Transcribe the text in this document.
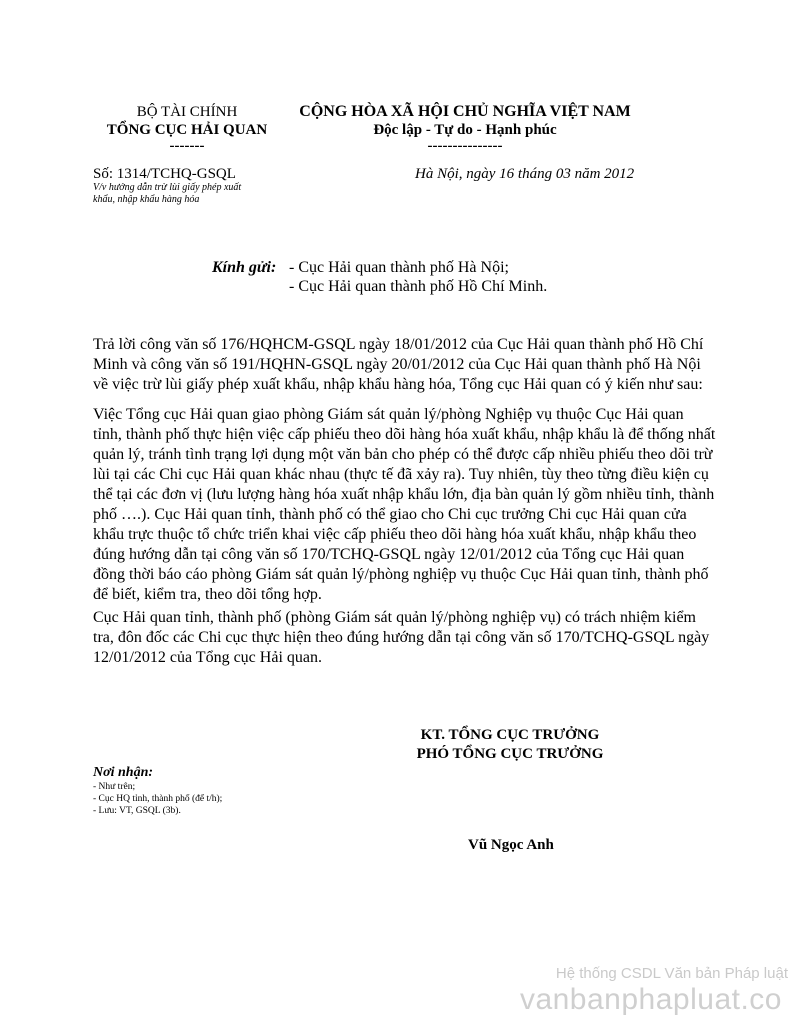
BỘ TÀI CHÍNH
TỔNG CỤC HẢI QUAN
-------
CỘNG HÒA XÃ HỘI CHỦ NGHĨA VIỆT NAM
Độc lập - Tự do - Hạnh phúc
---------------
Số: 1314/TCHQ-GSQL
V/v hướng dẫn trừ lùi giấy phép xuất
khẩu, nhập khẩu hàng hóa
Hà Nội, ngày 16 tháng 03 năm 2012
Kính gửi: - Cục Hải quan thành phố Hà Nội;
- Cục Hải quan thành phố Hồ Chí Minh.
Trả lời công văn số 176/HQHCM-GSQL ngày 18/01/2012 của Cục Hải quan thành phố Hồ Chí
Minh và công văn số 191/HQHN-GSQL ngày 20/01/2012 của Cục Hải quan thành phố Hà Nội
về việc trừ lùi giấy phép xuất khẩu, nhập khẩu hàng hóa, Tổng cục Hải quan có ý kiến như sau:
Việc Tổng cục Hải quan giao phòng Giám sát quản lý/phòng Nghiệp vụ thuộc Cục Hải quan
tỉnh, thành phố thực hiện việc cấp phiếu theo dõi hàng hóa xuất khẩu, nhập khẩu là để thống nhất
quản lý, tránh tình trạng lợi dụng một văn bản cho phép có thể được cấp nhiều phiếu theo dõi trừ
lùi tại các Chi cục Hải quan khác nhau (thực tế đã xảy ra). Tuy nhiên, tùy theo từng điều kiện cụ
thể tại các đơn vị (lưu lượng hàng hóa xuất nhập khẩu lớn, địa bàn quản lý gồm nhiều tỉnh, thành
phố ….). Cục Hải quan tỉnh, thành phố có thể giao cho Chi cục trưởng Chi cục Hải quan cửa
khẩu trực thuộc tổ chức triển khai việc cấp phiếu theo dõi hàng hóa xuất khẩu, nhập khẩu theo
đúng hướng dẫn tại công văn số 170/TCHQ-GSQL ngày 12/01/2012 của Tổng cục Hải quan
đồng thời báo cáo phòng Giám sát quản lý/phòng nghiệp vụ thuộc Cục Hải quan tỉnh, thành phố
để biết, kiểm tra, theo dõi tổng hợp.
Cục Hải quan tỉnh, thành phố (phòng Giám sát quản lý/phòng nghiệp vụ) có trách nhiệm kiểm
tra, đôn đốc các Chi cục thực hiện theo đúng hướng dẫn tại công văn số 170/TCHQ-GSQL ngày
12/01/2012 của Tổng cục Hải quan.
KT. TỔNG CỤC TRƯỞNG
PHÓ TỔNG CỤC TRƯỞNG
Vũ Ngọc Anh
Nơi nhận:
- Như trên;
- Cục HQ tỉnh, thành phố (để t/h);
- Lưu: VT, GSQL (3b).
Hệ thống CSDL Văn bản Pháp luật
vanbanphapluat.co
